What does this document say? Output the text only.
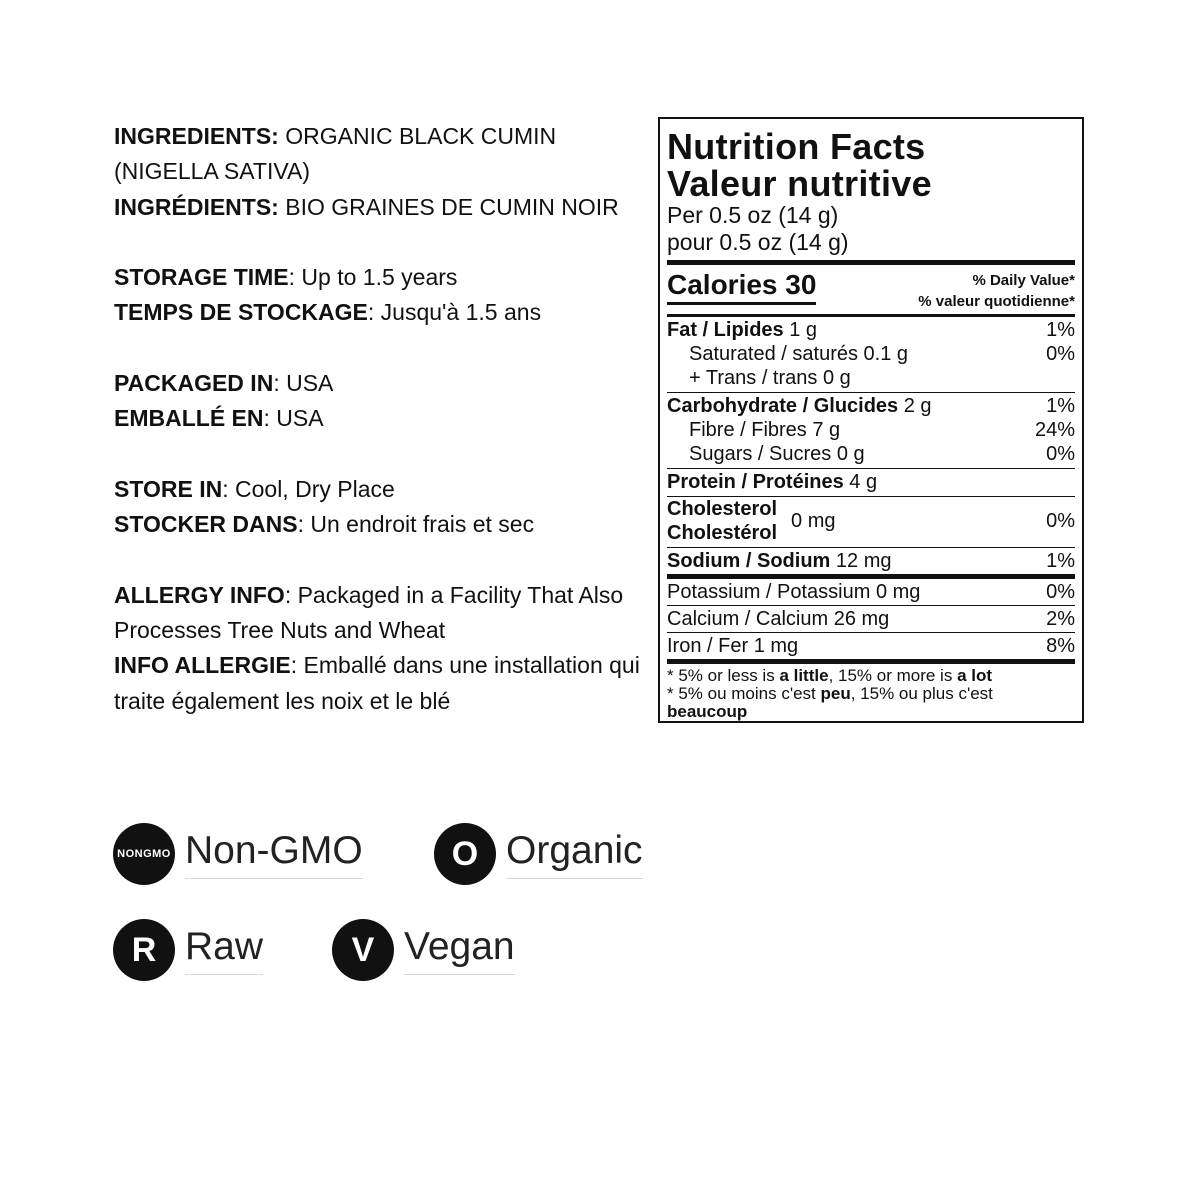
INGREDIENTS: ORGANIC BLACK CUMIN (NIGELLA SATIVA)
INGRÉDIENTS: BIO GRAINES DE CUMIN NOIR

STORAGE TIME: Up to 1.5 years
TEMPS DE STOCKAGE: Jusqu'à 1.5 ans

PACKAGED IN: USA
EMBALLÉ EN: USA

STORE IN: Cool, Dry Place
STOCKER DANS: Un endroit frais et sec

ALLERGY INFO: Packaged in a Facility That Also Processes Tree Nuts and Wheat
INFO ALLERGIE: Emballé dans une installation qui traite également les noix et le blé

NON GMO Non-GMO	O Organic
R Raw	V Vegan
Nutrition Facts
Valeur nutritive
Per 0.5 oz (14 g)
pour 0.5 oz (14 g)
Calories 30	% Daily Value*
% valeur quotidienne*
Fat / Lipides 1 g	1%
Saturated / saturés 0.1 g	0%
+ Trans / trans 0 g
Carbohydrate / Glucides 2 g	1%
Fibre / Fibres 7 g	24%
Sugars / Sucres 0 g	0%
Protein / Protéines 4 g
Cholesterol
Cholestérol
0 mg	0%
Sodium / Sodium 12 mg	1%
Potassium / Potassium 0 mg	0%
Calcium / Calcium 26 mg	2%
Iron / Fer 1 mg	8%
* 5% or less is a little, 15% or more is a lot
* 5% ou moins c'est peu, 15% ou plus c'est beaucoup
